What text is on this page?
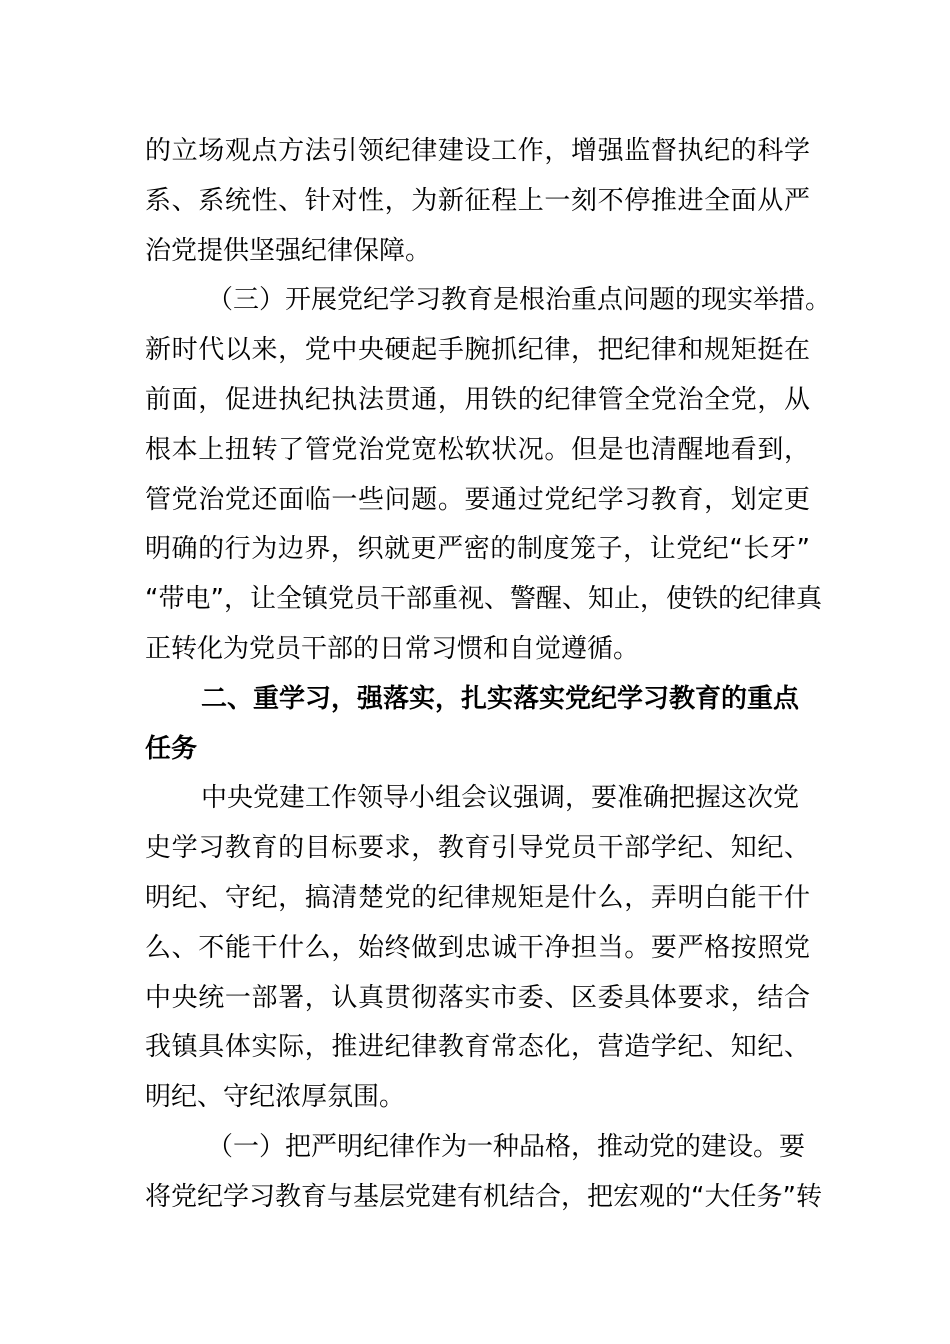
的立场观点方法引领纪律建设工作，增强监督执纪的科学
系、系统性、针对性，为新征程上一刻不停推进全面从严
治党提供坚强纪律保障。
（三）开展党纪学习教育是根治重点问题的现实举措。
新时代以来，党中央硬起手腕抓纪律，把纪律和规矩挺在
前面，促进执纪执法贯通，用铁的纪律管全党治全党，从
根本上扭转了管党治党宽松软状况。但是也清醒地看到，
管党治党还面临一些问题。要通过党纪学习教育，划定更
明确的行为边界，织就更严密的制度笼子，让党纪“长牙”
“带电”，让全镇党员干部重视、警醒、知止，使铁的纪律真
正转化为党员干部的日常习惯和自觉遵循。
二、重学习，强落实，扎实落实党纪学习教育的重点
任务
中央党建工作领导小组会议强调，要准确把握这次党
史学习教育的目标要求，教育引导党员干部学纪、知纪、
明纪、守纪，搞清楚党的纪律规矩是什么，弄明白能干什
么、不能干什么，始终做到忠诚干净担当。要严格按照党
中央统一部署，认真贯彻落实市委、区委具体要求，结合
我镇具体实际，推进纪律教育常态化，营造学纪、知纪、
明纪、守纪浓厚氛围。
（一）把严明纪律作为一种品格，推动党的建设。要
将党纪学习教育与基层党建有机结合，把宏观的“大任务”转
